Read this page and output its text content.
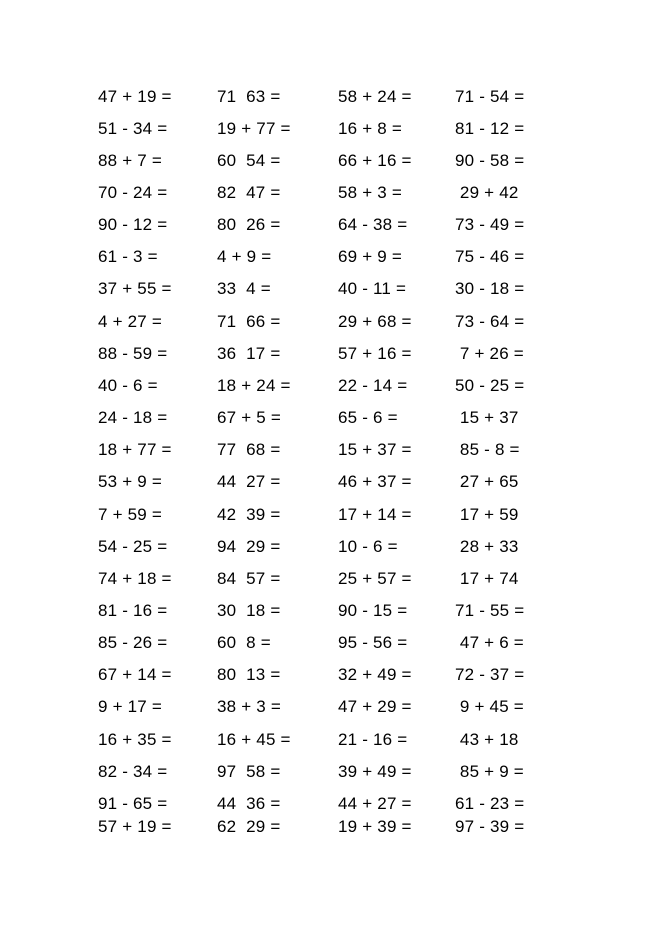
47 + 19 =	71  63 =	58 + 24 =	71 - 54 =
51 - 34 =	19 + 77 =	16 + 8 =	81 - 12 =
88 + 7 =	60  54 =	66 + 16 =	90 - 58 =
70 - 24 =	82  47 =	58 + 3 =	29 + 42
90 - 12 =	80  26 =	64 - 38 =	73 - 49 =
61 - 3 =	4 + 9 =	69 + 9 =	75 - 46 =
37 + 55 =	33  4 =	40 - 11 =	30 - 18 =
4 + 27 =	71  66 =	29 + 68 =	73 - 64 =
88 - 59 =	36  17 =	57 + 16 =	7 + 26 =
40 - 6 =	18 + 24 =	22 - 14 =	50 - 25 =
24 - 18 =	67 + 5 =	65 - 6 =	15 + 37
18 + 77 =	77  68 =	15 + 37 =	85 - 8 =
53 + 9 =	44  27 =	46 + 37 =	27 + 65
7 + 59 =	42  39 =	17 + 14 =	17 + 59
54 - 25 =	94  29 =	10 - 6 =	28 + 33
74 + 18 =	84  57 =	25 + 57 =	17 + 74
81 - 16 =	30  18 =	90 - 15 =	71 - 55 =
85 - 26 =	60  8 =	95 - 56 =	47 + 6 =
67 + 14 =	80  13 =	32 + 49 =	72 - 37 =
9 + 17 =	38 + 3 =	47 + 29 =	9 + 45 =
16 + 35 =	16 + 45 =	21 - 16 =	43 + 18
82 - 34 =	97  58 =	39 + 49 =	85 + 9 =
91 - 65 =	44  36 =	44 + 27 =	61 - 23 =
57 + 19 =	62  29 =	19 + 39 =	97 - 39 =
